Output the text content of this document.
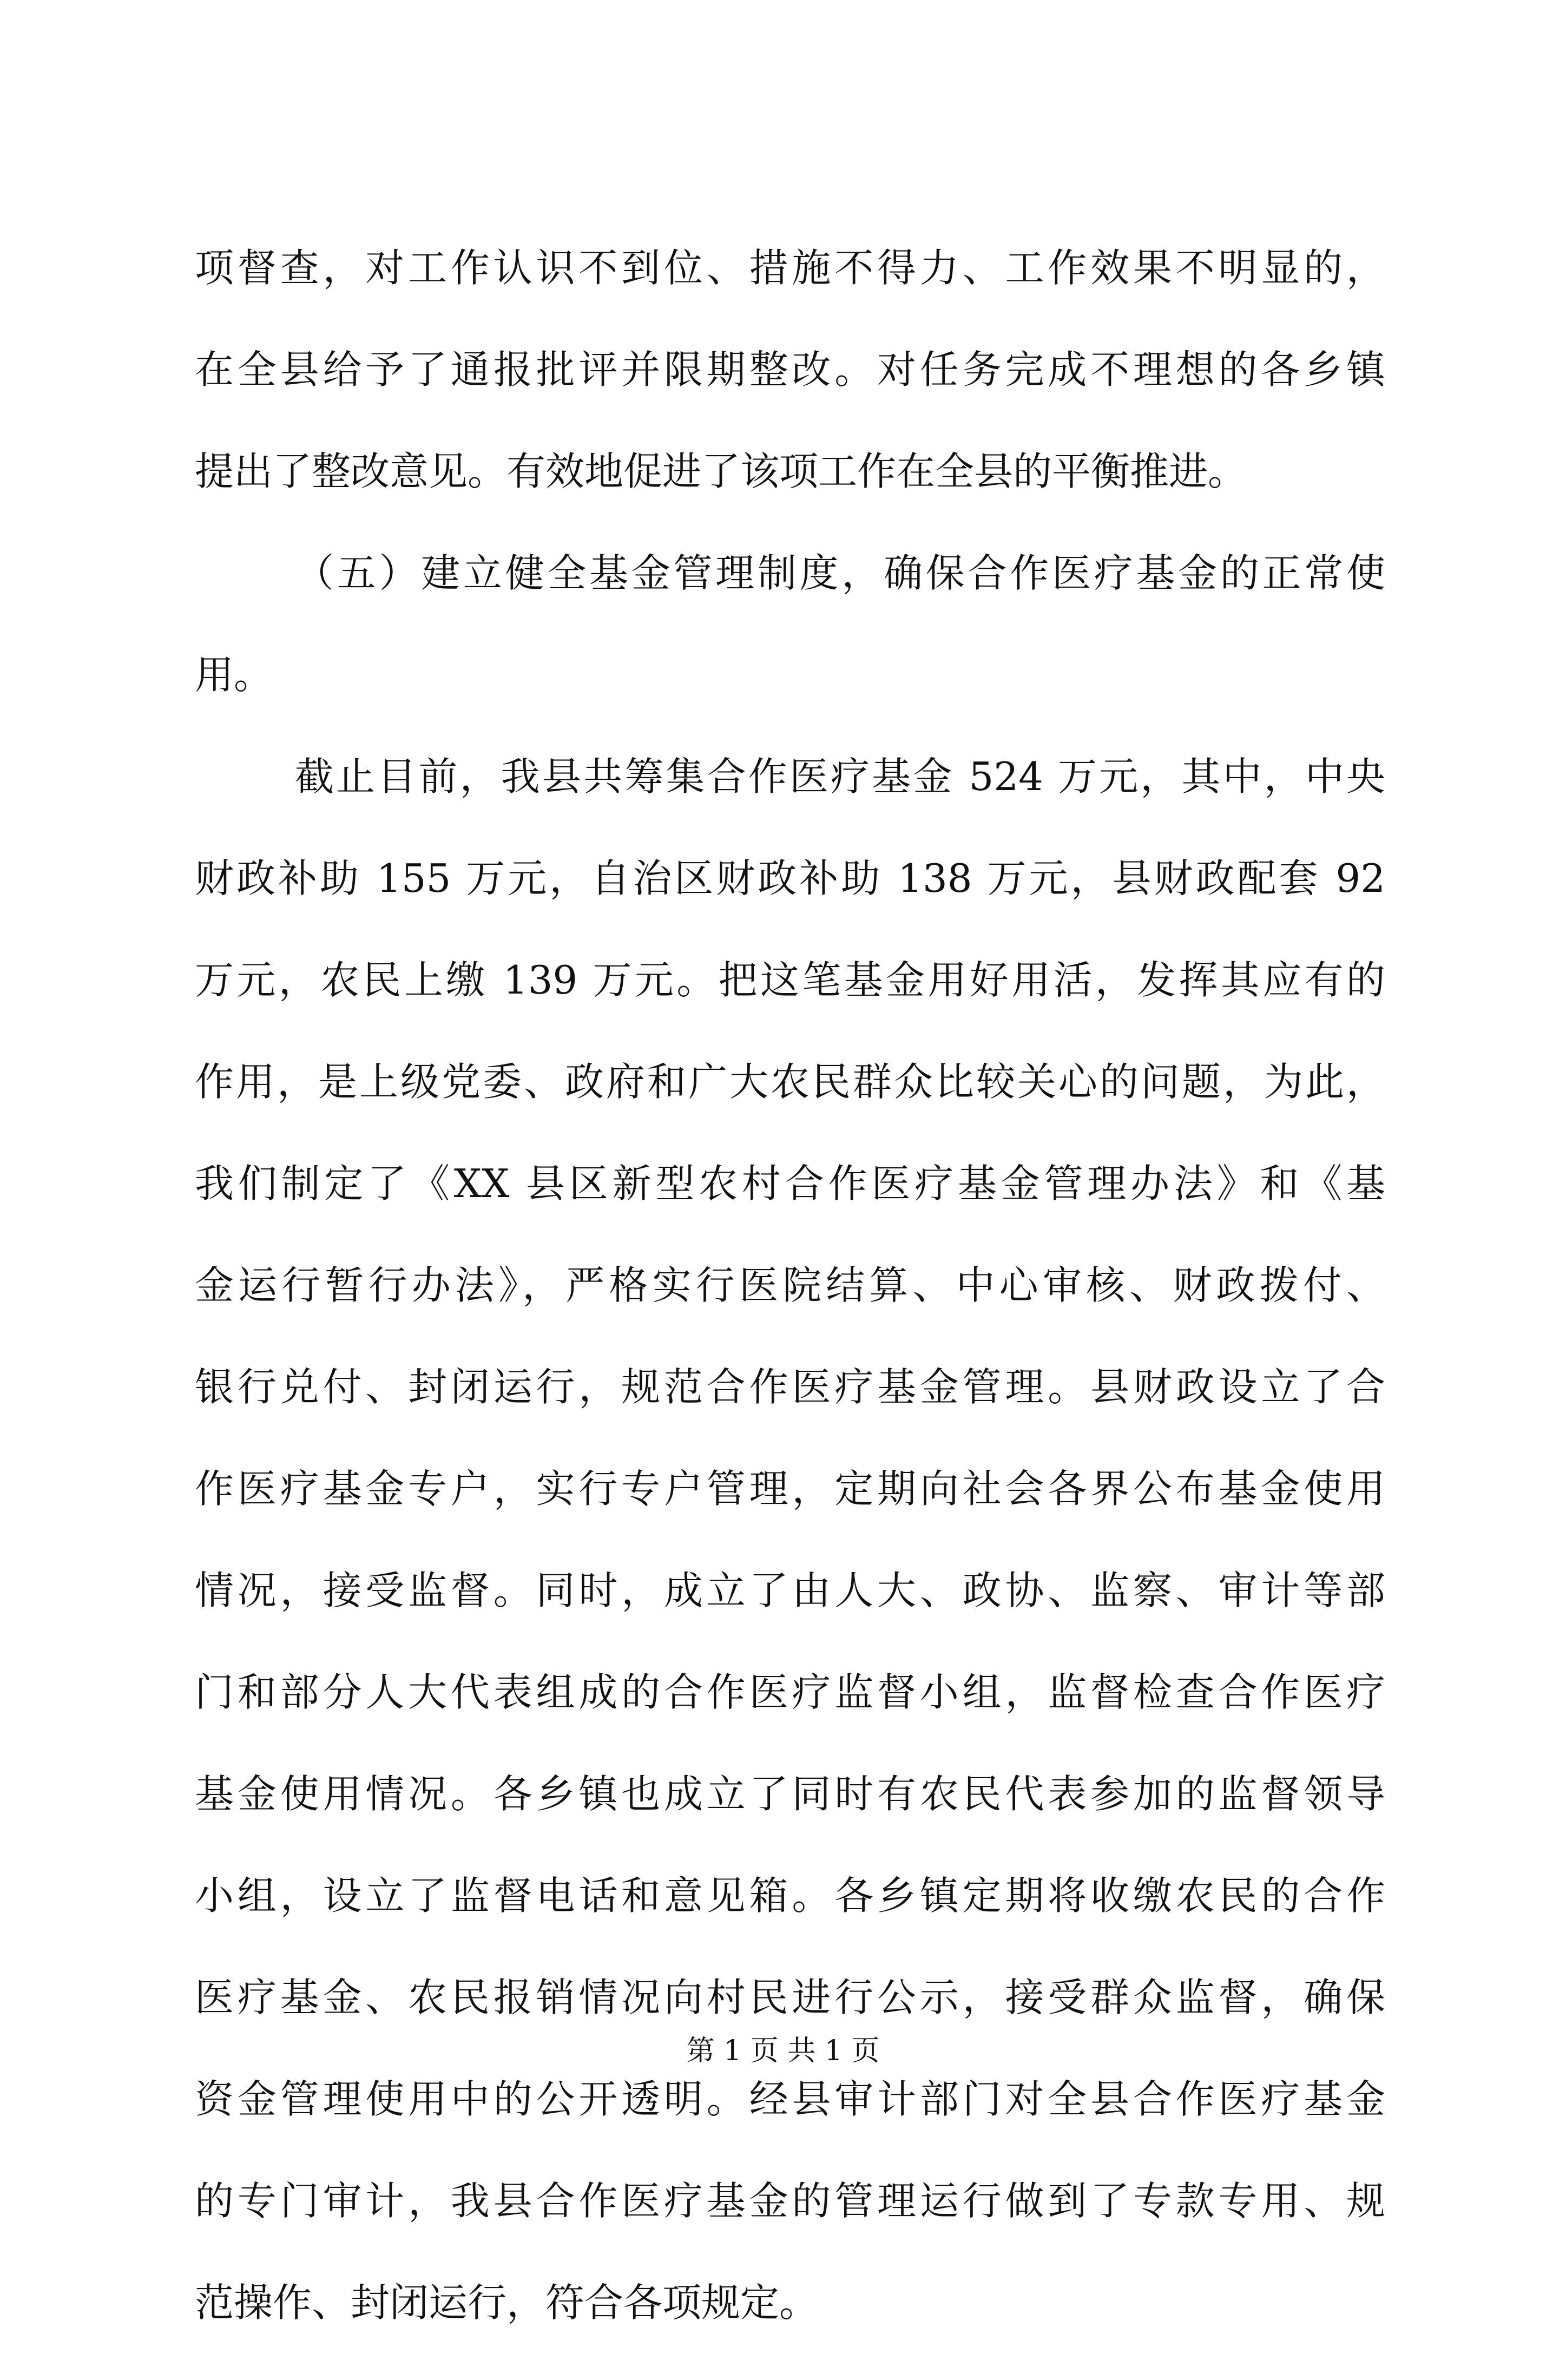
项督查，对工作认识不到位、措施不得力、工作效果不明显的，
在全县给予了通报批评并限期整改。对任务完成不理想的各乡镇
提出了整改意见。有效地促进了该项工作在全县的平衡推进。
（五）建立健全基金管理制度，确保合作医疗基金的正常使
用。
截止目前，我县共筹集合作医疗基金 524 万元，其中，中央
财政补助 155 万元，自治区财政补助 138 万元，县财政配套 92
万元，农民上缴 139 万元。把这笔基金用好用活，发挥其应有的
作用，是上级党委、政府和广大农民群众比较关心的问题，为此，
我们制定了《XX 县区新型农村合作医疗基金管理办法》和《基
金运行暂行办法》，严格实行医院结算、中心审核、财政拨付、
银行兑付、封闭运行，规范合作医疗基金管理。县财政设立了合
作医疗基金专户，实行专户管理，定期向社会各界公布基金使用
情况，接受监督。同时，成立了由人大、政协、监察、审计等部
门和部分人大代表组成的合作医疗监督小组，监督检查合作医疗
基金使用情况。各乡镇也成立了同时有农民代表参加的监督领导
小组，设立了监督电话和意见箱。各乡镇定期将收缴农民的合作
医疗基金、农民报销情况向村民进行公示，接受群众监督，确保
资金管理使用中的公开透明。经县审计部门对全县合作医疗基金
的专门审计，我县合作医疗基金的管理运行做到了专款专用、规
范操作、封闭运行，符合各项规定。
第 1 页 共 1 页
